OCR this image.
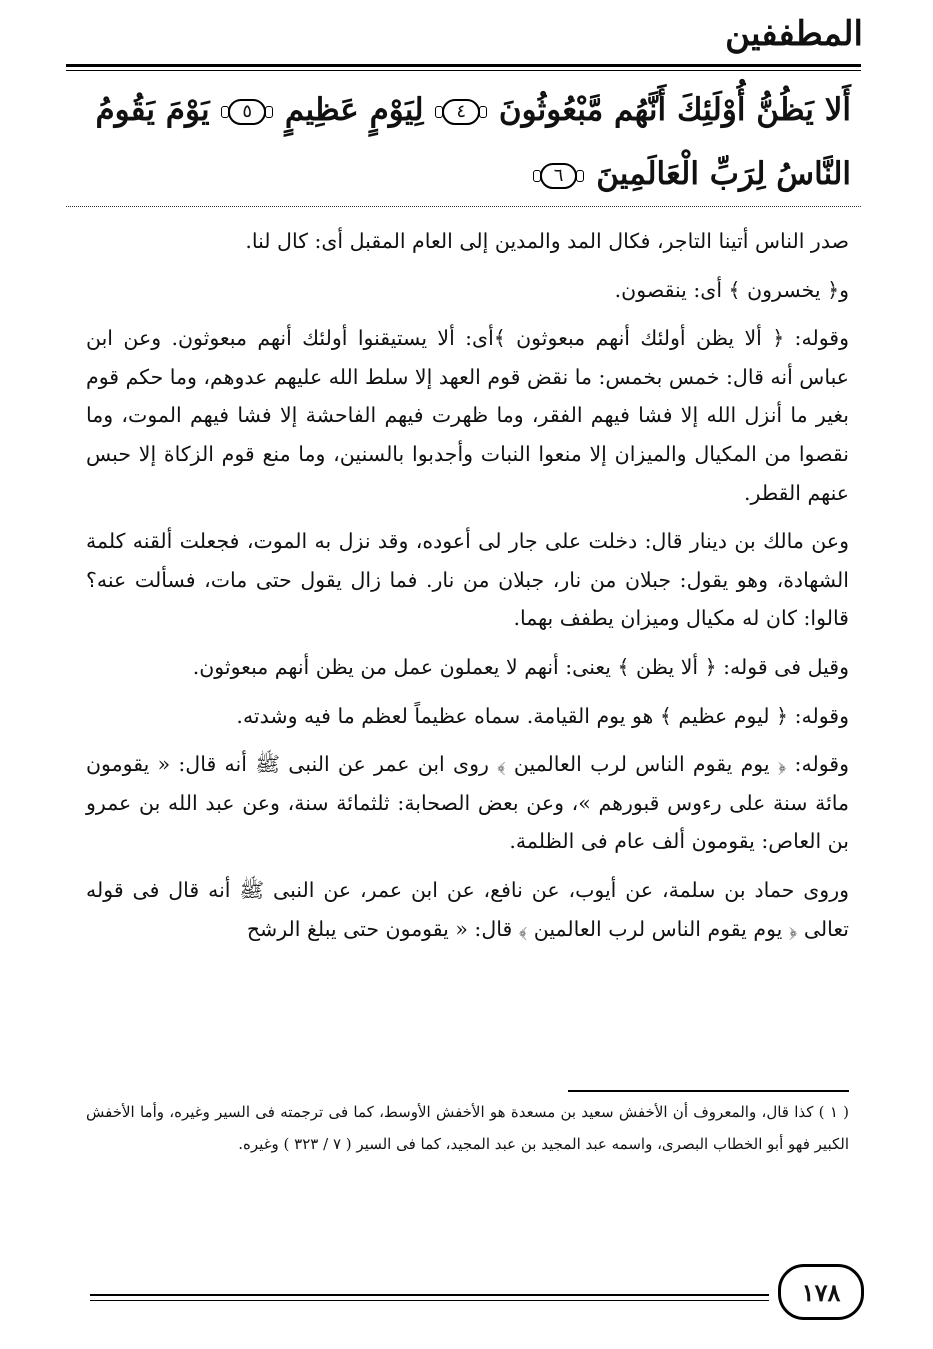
المطففين
أَلا يَظُنُّ أُوْلَئِكَ أَنَّهُم مَّبْعُوثُونَ ٤ لِيَوْمٍ عَظِيمٍ ٥ يَوْمَ يَقُومُ النَّاسُ لِرَبِّ الْعَالَمِينَ ٦

صدر الناس أتينا التاجر، فكال المد والمدين إلى العام المقبل أى: كال لنا.

و﴿ يخسرون ﴾ أى: ينقصون.

وقوله: ﴿ ألا يظن أولئك أنهم مبعوثون ﴾أى: ألا يستيقنوا أولئك أنهم مبعوثون. وعن ابن عباس أنه قال: خمس بخمس: ما نقض قوم العهد إلا سلط الله عليهم عدوهم، وما حكم قوم بغير ما أنزل الله إلا فشا فيهم الفقر، وما ظهرت فيهم الفاحشة إلا فشا فيهم الموت، وما نقصوا من المكيال والميزان إلا منعوا النبات وأجدبوا بالسنين، وما منع قوم الزكاة إلا حبس عنهم القطر.

وعن مالك بن دينار قال: دخلت على جار لى أعوده، وقد نزل به الموت، فجعلت ألقنه كلمة الشهادة، وهو يقول: جبلان من نار، جبلان من نار. فما زال يقول حتى مات، فسألت عنه؟ قالوا: كان له مكيال وميزان يطفف بهما.

وقيل فى قوله: ﴿ ألا يظن ﴾ يعنى: أنهم لا يعملون عمل من يظن أنهم مبعوثون.

وقوله: ﴿ ليوم عظيم ﴾ هو يوم القيامة. سماه عظيماً لعظم ما فيه وشدته.

وقوله: ﴿ يوم يقوم الناس لرب العالمين ﴾ روى ابن عمر عن النبى ﷺ أنه قال: « يقومون مائة سنة على رءوس قبورهم »، وعن بعض الصحابة: ثلثمائة سنة، وعن عبد الله بن عمرو بن العاص: يقومون ألف عام فى الظلمة.

وروى حماد بن سلمة، عن أيوب، عن نافع، عن ابن عمر، عن النبى ﷺ أنه قال فى قوله تعالى ﴿ يوم يقوم الناس لرب العالمين ﴾ قال: « يقومون حتى يبلغ الرشح

( ١ ) كذا قال، والمعروف أن الأخفش سعيد بن مسعدة هو الأخفش الأوسط، كما فى ترجمته فى السير وغيره، وأما الأخفش الكبير فهو أبو الخطاب البصرى، واسمه عبد المجيد بن عبد المجيد، كما فى السير ( ٧ / ٣٢٣ ) وغيره.

١٧٨
